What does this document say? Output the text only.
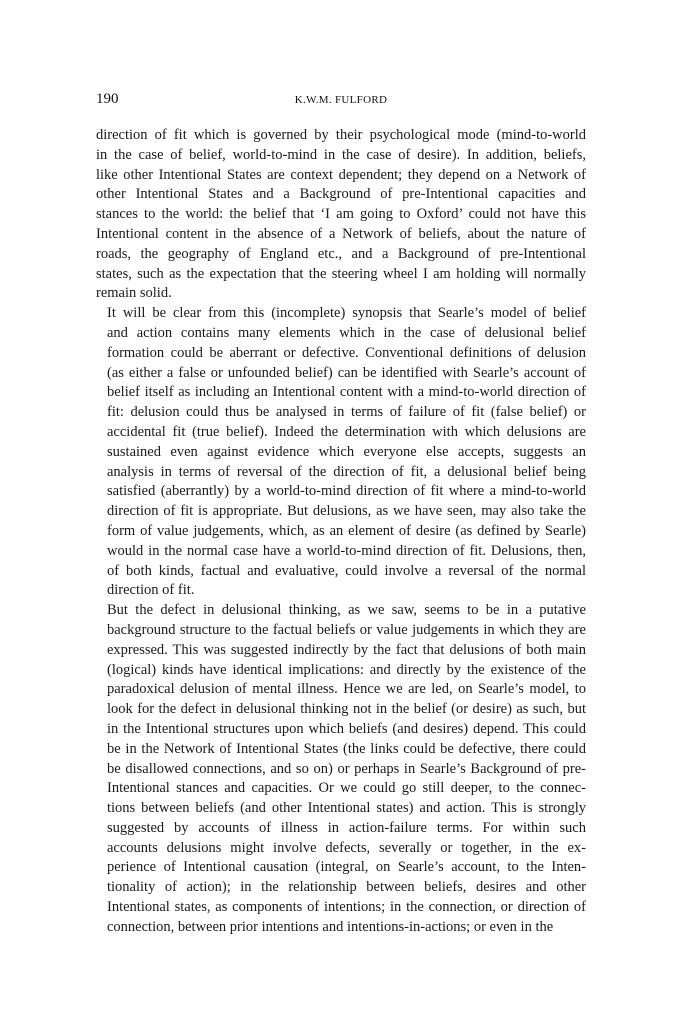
190	K.W.M. FULFORD

direction of fit which is governed by their psychological mode (mind-to-world
in the case of belief, world-to-mind in the case of desire). In addition, beliefs,
like other Intentional States are context dependent; they depend on a Network of
other Intentional States and a Background of pre-Intentional capacities and
stances to the world: the belief that ‘I am going to Oxford’ could not have this
Intentional content in the absence of a Network of beliefs, about the nature of
roads, the geography of England etc., and a Background of pre-Intentional
states, such as the expectation that the steering wheel I am holding will normally
remain solid.

It will be clear from this (incomplete) synopsis that Searle’s model of belief
and action contains many elements which in the case of delusional belief
formation could be aberrant or defective. Conventional definitions of delusion
(as either a false or unfounded belief) can be identified with Searle’s account of
belief itself as including an Intentional content with a mind-to-world direction of
fit: delusion could thus be analysed in terms of failure of fit (false belief) or
accidental fit (true belief). Indeed the determination with which delusions are
sustained even against evidence which everyone else accepts, suggests an
analysis in terms of reversal of the direction of fit, a delusional belief being
satisfied (aberrantly) by a world-to-mind direction of fit where a mind-to-world
direction of fit is appropriate. But delusions, as we have seen, may also take the
form of value judgements, which, as an element of desire (as defined by Searle)
would in the normal case have a world-to-mind direction of fit. Delusions, then,
of both kinds, factual and evaluative, could involve a reversal of the normal
direction of fit.

But the defect in delusional thinking, as we saw, seems to be in a putative
background structure to the factual beliefs or value judgements in which they are
expressed. This was suggested indirectly by the fact that delusions of both main
(logical) kinds have identical implications: and directly by the existence of the
paradoxical delusion of mental illness. Hence we are led, on Searle’s model, to
look for the defect in delusional thinking not in the belief (or desire) as such, but
in the Intentional structures upon which beliefs (and desires) depend. This could
be in the Network of Intentional States (the links could be defective, there could
be disallowed connections, and so on) or perhaps in Searle’s Background of pre-
Intentional stances and capacities. Or we could go still deeper, to the connec-
tions between beliefs (and other Intentional states) and action. This is strongly
suggested by accounts of illness in action-failure terms. For within such
accounts delusions might involve defects, severally or together, in the ex-
perience of Intentional causation (integral, on Searle’s account, to the Inten-
tionality of action); in the relationship between beliefs, desires and other
Intentional states, as components of intentions; in the connection, or direction of
connection, between prior intentions and intentions-in-actions; or even in the
